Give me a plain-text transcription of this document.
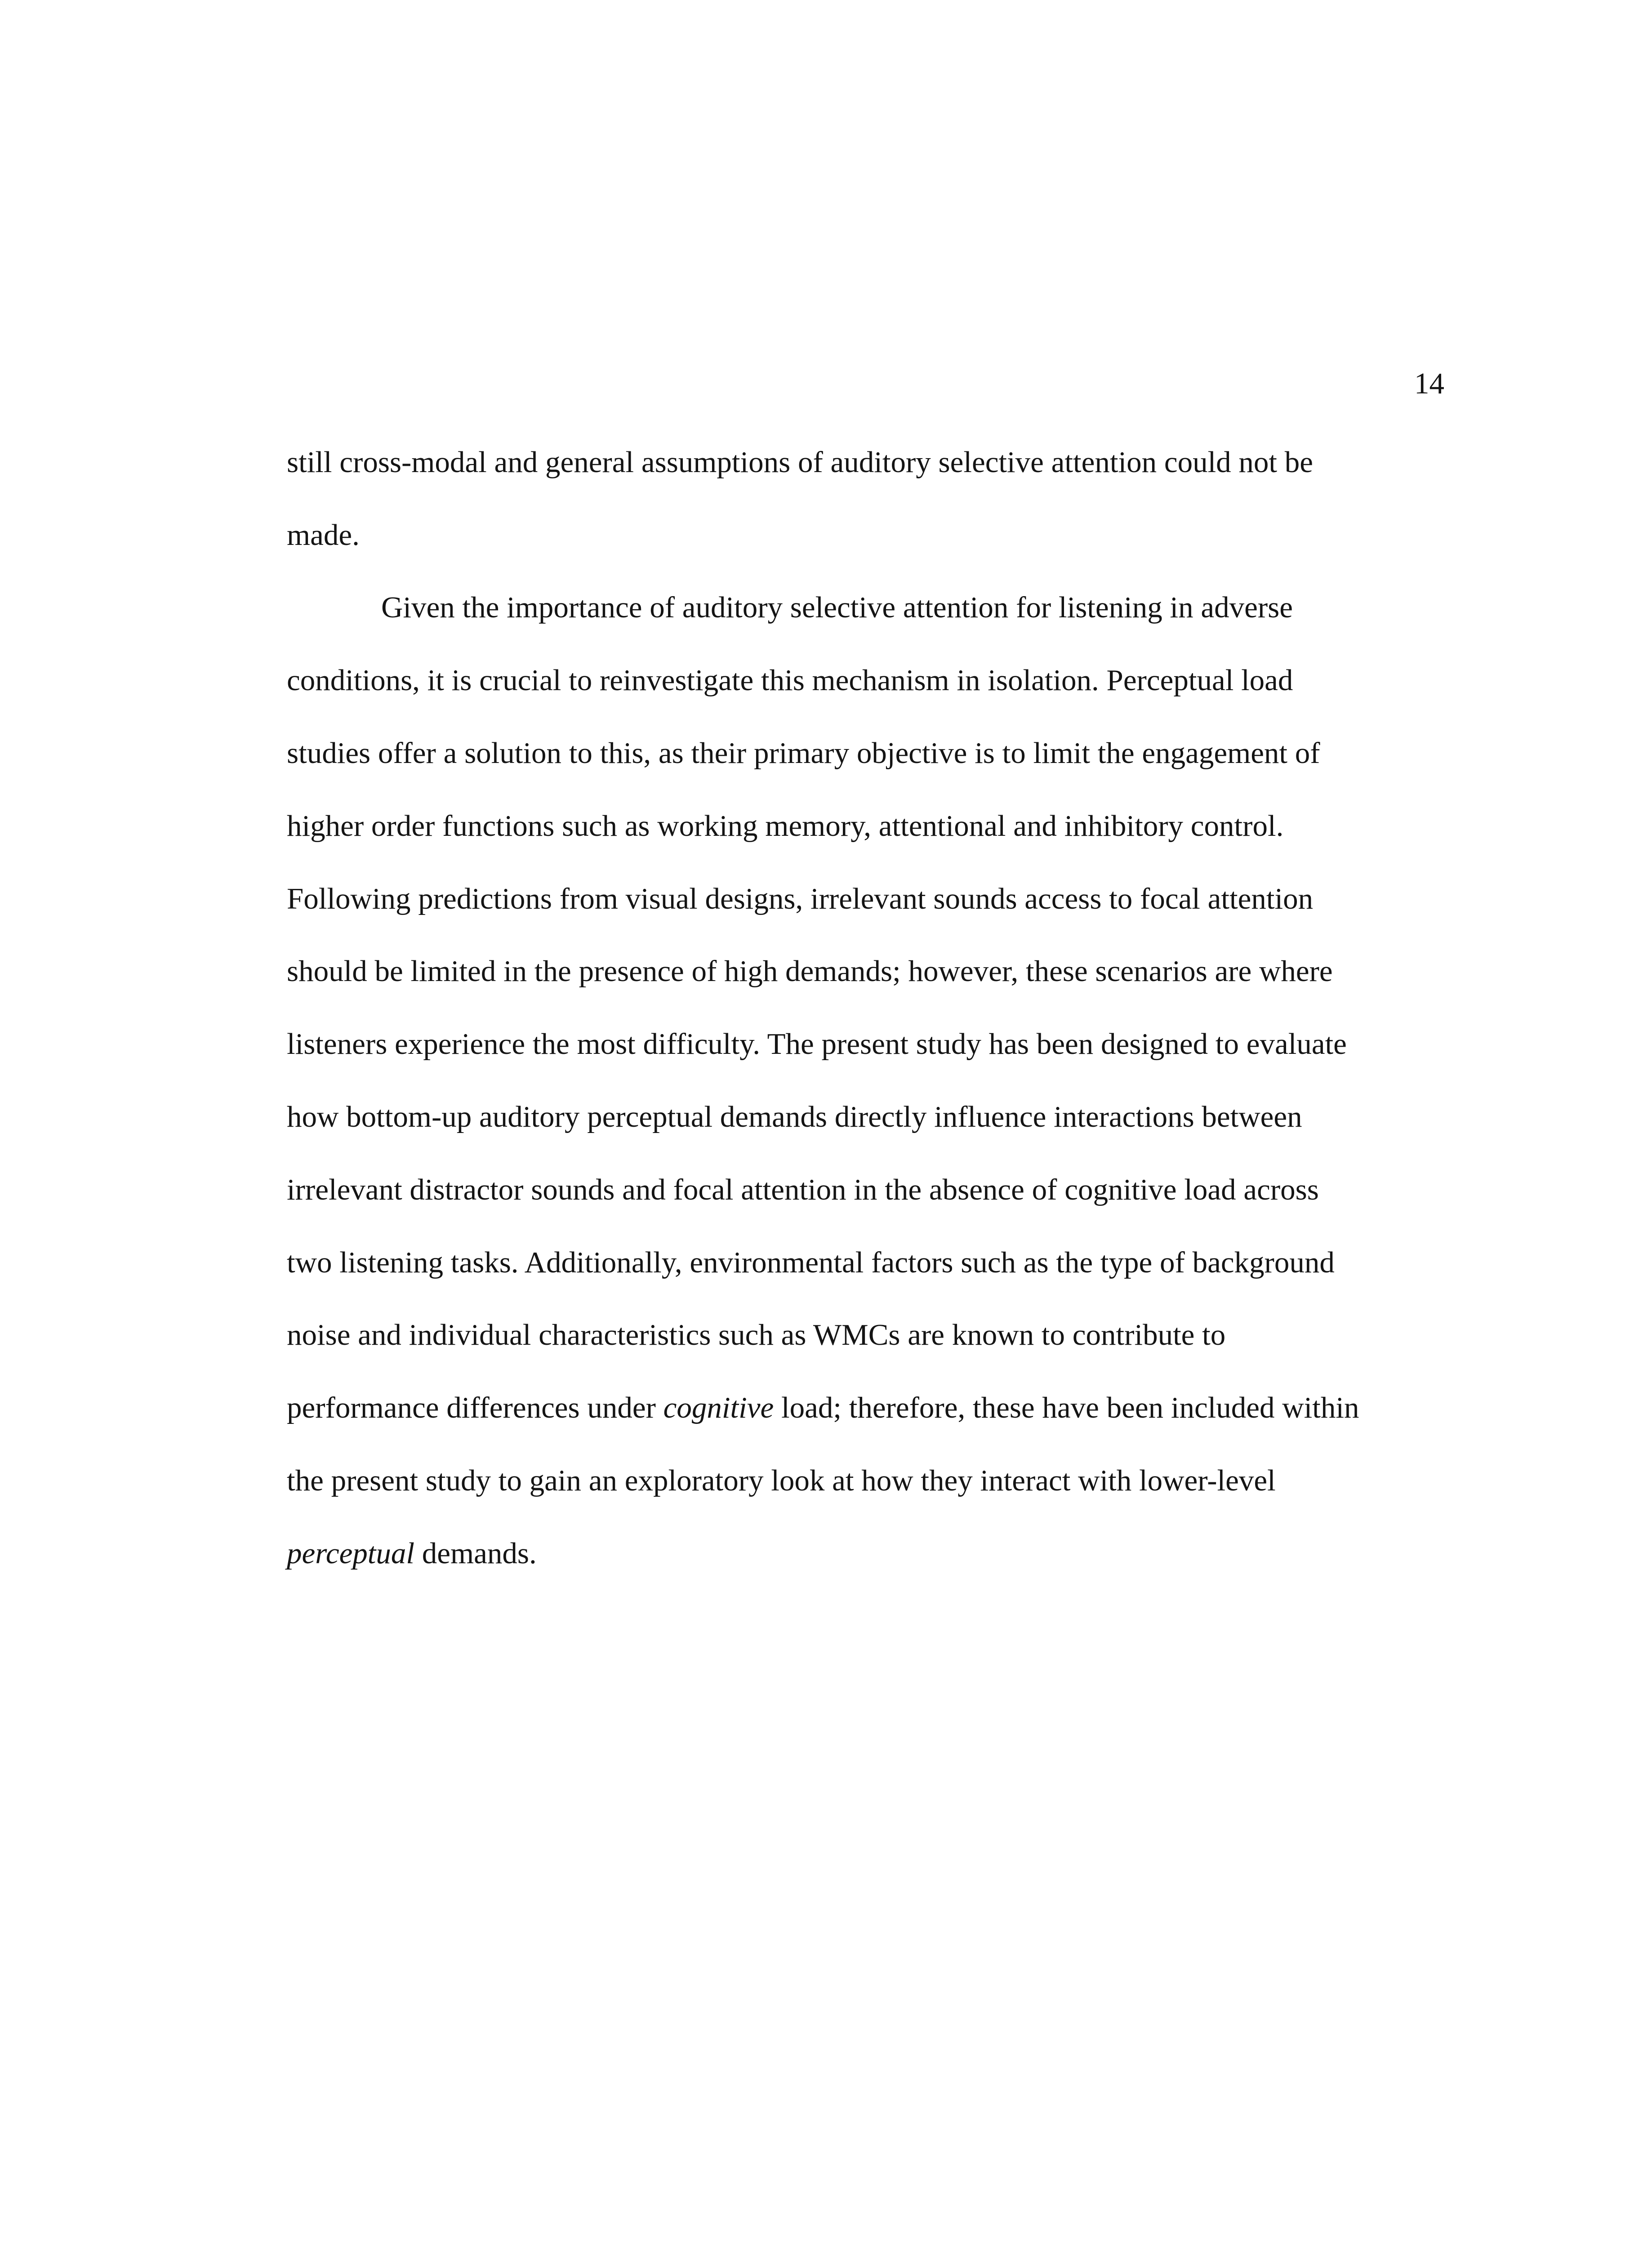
14
still cross-modal and general assumptions of auditory selective attention could not be
made.
Given the importance of auditory selective attention for listening in adverse
conditions, it is crucial to reinvestigate this mechanism in isolation. Perceptual load
studies offer a solution to this, as their primary objective is to limit the engagement of
higher order functions such as working memory, attentional and inhibitory control.
Following predictions from visual designs, irrelevant sounds access to focal attention
should be limited in the presence of high demands; however, these scenarios are where
listeners experience the most difficulty. The present study has been designed to evaluate
how bottom-up auditory perceptual demands directly influence interactions between
irrelevant distractor sounds and focal attention in the absence of cognitive load across
two listening tasks. Additionally, environmental factors such as the type of background
noise and individual characteristics such as WMCs are known to contribute to
performance differences under cognitive load; therefore, these have been included within
the present study to gain an exploratory look at how they interact with lower-level
perceptual demands.
